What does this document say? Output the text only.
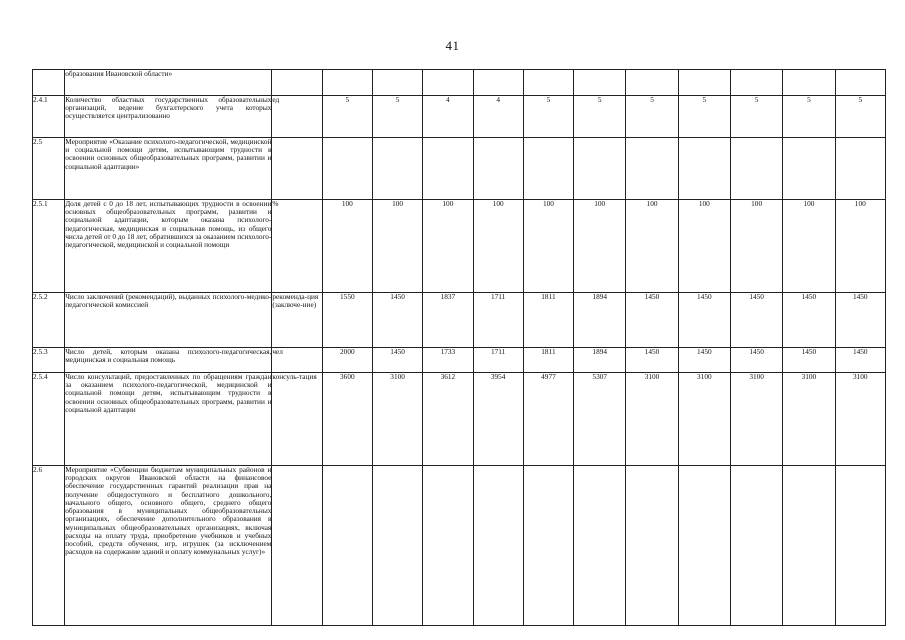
41
	образования Ивановской области»												
2.4.1	Количество областных государственных образовательных организаций, ведение бухгалтерского учета которых осуществляется централизованно	ед	5	5	4	4	5	5	5	5	5	5	5
2.5	Мероприятие «Оказание психолого-педагогической, медицинской и социальной помощи детям, испытывающим трудности в освоении основных общеобразовательных программ, развитии и социальной адаптации»												
2.5.1	Доля детей с 0 до 18 лет, испытывающих трудности в освоении основных общеобразовательных программ, развитии и социальной адаптации, которым оказана психолого-педагогическая, медицинская и социальная помощь, из общего числа детей от 0 до 18 лет, обратившихся за оказанием психолого-педагогической, медицинской и социальной помощи	%	100	100	100	100	100	100	100	100	100	100	100
2.5.2	Число заключений (рекомендаций), выданных психолого-медико-педагогической комиссией	рекоменда-ция (заключе-ние)	1550	1450	1837	1711	1811	1894	1450	1450	1450	1450	1450
2.5.3	Число детей, которым оказана психолого-педагогическая, медицинская и социальная помощь	чел	2000	1450	1733	1711	1811	1894	1450	1450	1450	1450	1450
2.5.4	Число консультаций, предоставленных по обращениям граждан за оказанием психолого-педагогической, медицинской и социальной помощи детям, испытывающим трудности в освоении основных общеобразовательных программ, развитии и социальной адаптации	консуль-тация	3600	3100	3612	3954	4977	5307	3100	3100	3100	3100	3100
2.6	Мероприятие «Субвенции бюджетам муниципальных районов и городских округов Ивановской области на финансовое обеспечение государственных гарантий реализации прав на получение общедоступного и бесплатного дошкольного, начального общего, основного общего, среднего общего образования в муниципальных общеобразовательных организациях, обеспечение дополнительного образования в муниципальных общеобразовательных организациях, включая расходы на оплату труда, приобретение учебников и учебных пособий, средств обучения, игр, игрушек (за исключением расходов на содержание зданий и оплату коммунальных услуг)»												
